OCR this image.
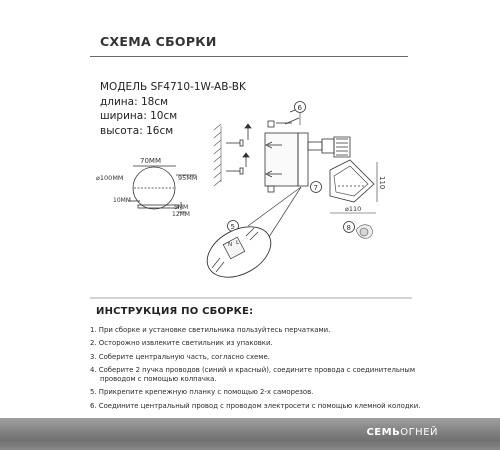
СХЕМА СБОРКИ
МОДЕЛЬ SF4710-1W-AB-BK
длина: 18см
ширина: 10см
высота: 16см
70ММ
⌀100ММ	95ММ
10ММ
5ММ
12ММ
110
⌀110
6
7
8
5
N L
ИНСТРУКЦИЯ ПО СБОРКЕ:
1. При сборке и установке светильника пользуйтесь перчатками.
2. Осторожно извлеките светильник из упаковки.
3. Соберите центральную часть, согласно схеме.
4. Соберите 2 пучка проводов (синий и красный), соедините провода с соединительным
проводом с помощью колпачка.
5. Прикрепите крепежную планку с помощью 2-х саморезов.
6. Соедините центральный провод с проводом электросети с помощью клемной колодки.
СЕМЬОГНЕЙ
